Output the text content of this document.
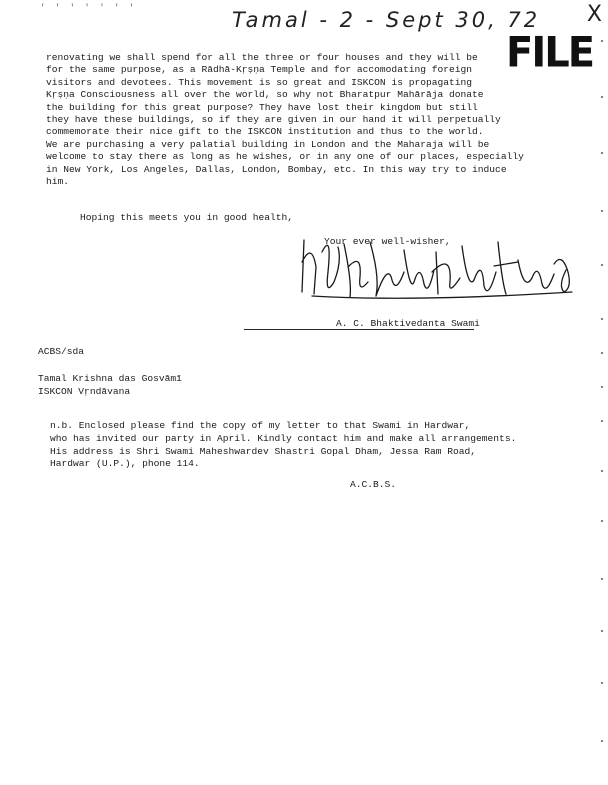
' ' ' ' ' ' '	Tamal - 2 - Sept 30, 72 X
FILE
renovating we shall spend for all the three or four houses and they will be
for the same purpose, as a Rādhā-Kṛṣṇa Temple and for accomodating foreign
visitors and devotees. This movement is so great and ISKCON is propagating
Kṛṣṇa Consciousness all over the world, so why not Bharatpur Mahārāja donate
the building for this great purpose? They have lost their kingdom but still
they have these buildings, so if they are given in our hand it will perpetually
commemorate their nice gift to the ISKCON institution and thus to the world.
We are purchasing a very palatial building in London and the Maharaja will be
welcome to stay there as long as he wishes, or in any one of our places, especially
in New York, Los Angeles, Dallas, London, Bombay, etc. In this way try to induce
him.
Hoping this meets you in good health,
Your ever well-wisher,
A. C. Bhaktivedanta Swami
ACBS/sda
Tamal Krishna das Gosvāmī
ISKCON Vṛndāvana
n.b. Enclosed please find the copy of my letter to that Swami in Hardwar,
who has invited our party in April. Kindly contact him and make all arrangements.
His address is Shri Swami Maheshwardev Shastri Gopal Dham, Jessa Ram Road,
Hardwar (U.P.), phone 114.
A.C.B.S.
